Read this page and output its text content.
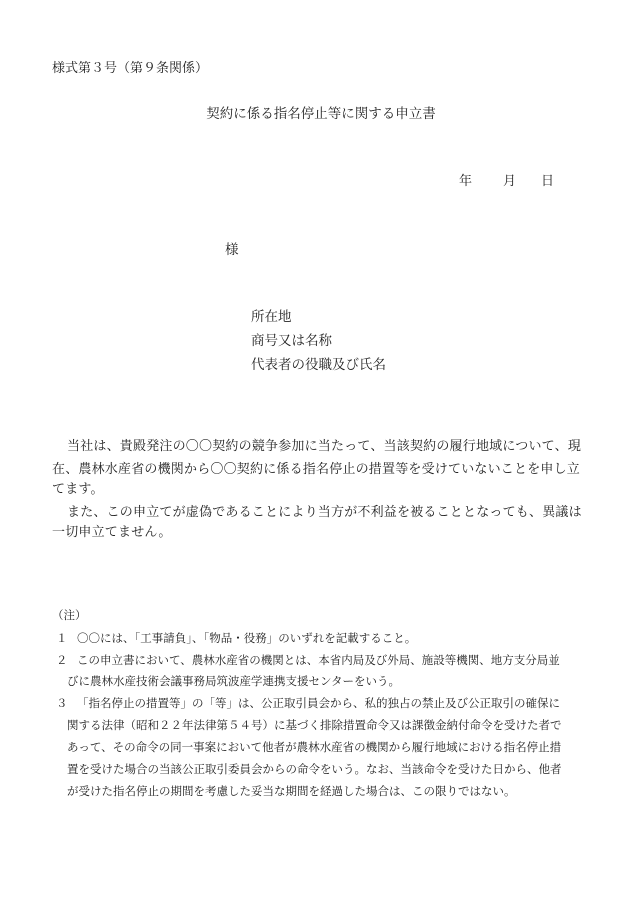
様式第３号（第９条関係）
契約に係る指名停止等に関する申立書
年 月 日
様
所在地
商号又は名称
代表者の役職及び氏名
当社は、貴殿発注の〇〇契約の競争参加に当たって、当該契約の履行地域について、現
在、農林水産省の機関から〇〇契約に係る指名停止の措置等を受けていないことを申し立
てます。
また、この申立てが虚偽であることにより当方が不利益を被ることとなっても、異議は
一切申立てません。
（注）
１ 〇〇には、「工事請負」、「物品・役務」のいずれを記載すること。
２ この申立書において、農林水産省の機関とは、本省内局及び外局、施設等機関、地方支分局並
びに農林水産技術会議事務局筑波産学連携支援センターをいう。
３ 「指名停止の措置等」の「等」は、公正取引員会から、私的独占の禁止及び公正取引の確保に
関する法律（昭和２２年法律第５４号）に基づく排除措置命令又は課徴金納付命令を受けた者で
あって、その命令の同一事案において他者が農林水産省の機関から履行地域における指名停止措
置を受けた場合の当該公正取引委員会からの命令をいう。なお、当該命令を受けた日から、他者
が受けた指名停止の期間を考慮した妥当な期間を経過した場合は、この限りではない。
